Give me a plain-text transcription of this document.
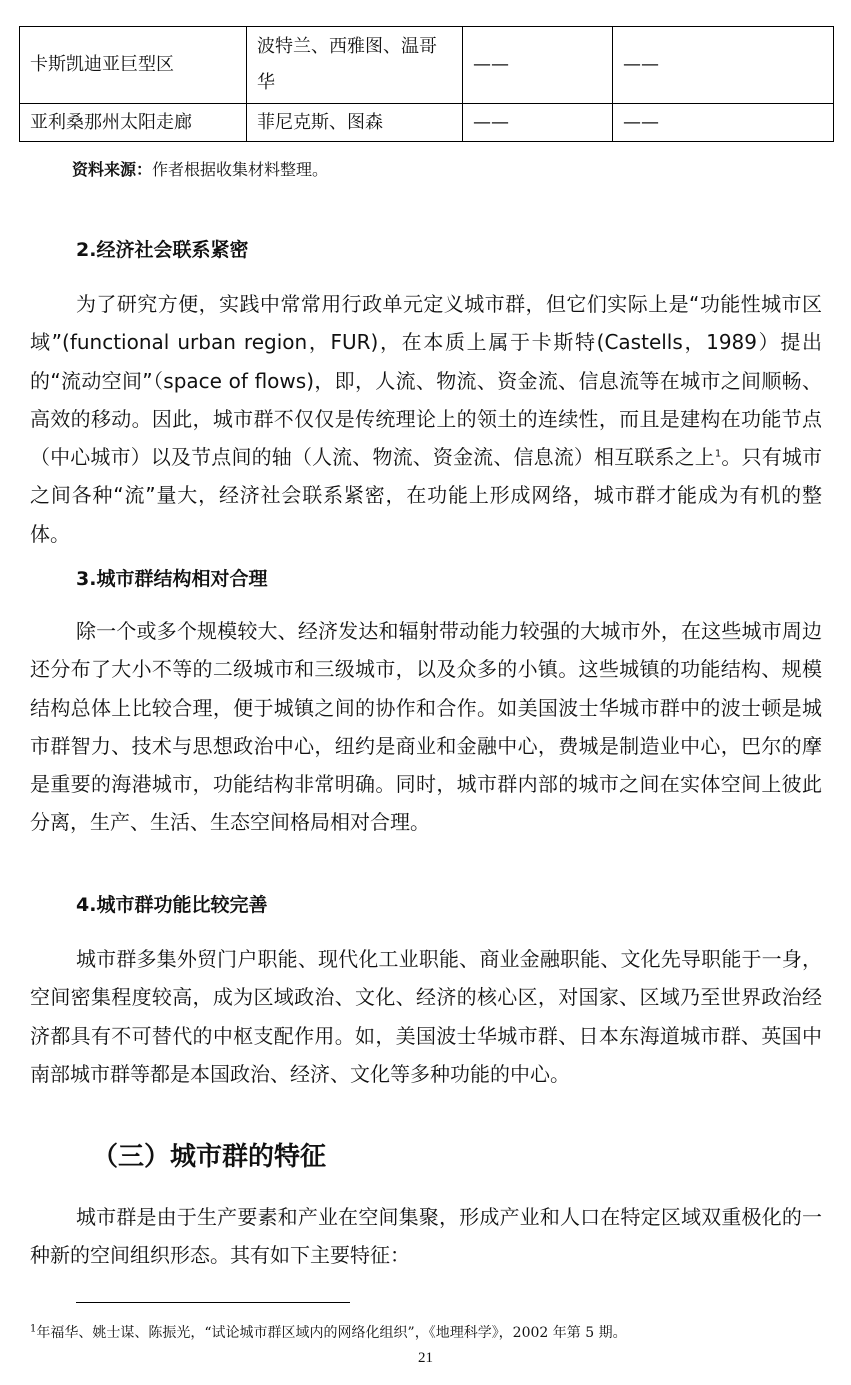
卡斯凯迪亚巨型区	波特兰、西雅图、温哥华	——	——
亚利桑那州太阳走廊	菲尼克斯、图森	——	——
资料来源：作者根据收集材料整理。
2.经济社会联系紧密
为了研究方便，实践中常常用行政单元定义城市群，但它们实际上是“功能性城市区域”(functional urban region，FUR)，在本质上属于卡斯特(Castells，1989）提出的“流动空间”（space of flows)，即，人流、物流、资金流、信息流等在城市之间顺畅、高效的移动。因此，城市群不仅仅是传统理论上的领土的连续性，而且是建构在功能节点（中心城市）以及节点间的轴（人流、物流、资金流、信息流）相互联系之上$^1$。只有城市之间各种“流”量大，经济社会联系紧密，在功能上形成网络，城市群才能成为有机的整体。
3.城市群结构相对合理
除一个或多个规模较大、经济发达和辐射带动能力较强的大城市外，在这些城市周边还分布了大小不等的二级城市和三级城市，以及众多的小镇。这些城镇的功能结构、规模结构总体上比较合理，便于城镇之间的协作和合作。如美国波士华城市群中的波士顿是城市群智力、技术与思想政治中心，纽约是商业和金融中心，费城是制造业中心，巴尔的摩是重要的海港城市，功能结构非常明确。同时，城市群内部的城市之间在实体空间上彼此分离，生产、生活、生态空间格局相对合理。
4.城市群功能比较完善
城市群多集外贸门户职能、现代化工业职能、商业金融职能、文化先导职能于一身，空间密集程度较高，成为区域政治、文化、经济的核心区，对国家、区域乃至世界政治经济都具有不可替代的中枢支配作用。如，美国波士华城市群、日本东海道城市群、英国中南部城市群等都是本国政治、经济、文化等多种功能的中心。
（三）城市群的特征
城市群是由于生产要素和产业在空间集聚，形成产业和人口在特定区域双重极化的一种新的空间组织形态。其有如下主要特征：
$^1$年福华、姚士谋、陈振光，“试论城市群区域内的网络化组织”，《地理科学》，2002 年第 5 期。
21
